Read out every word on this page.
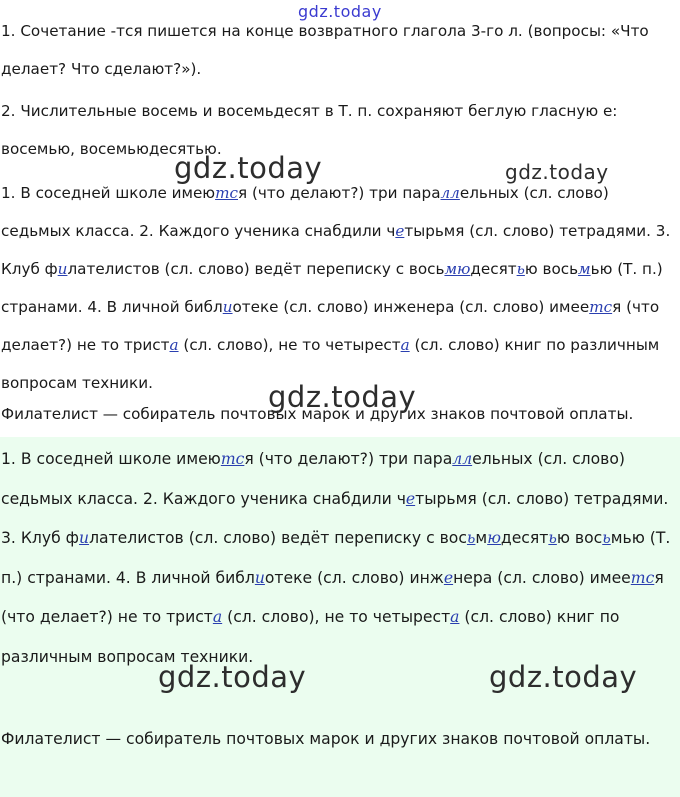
1. Сочетание -тся пишется на конце возвратного глагола 3-го л. (вопросы: «Что делает? Что сделают?»).

2. Числительные восемь и восемьдесят в Т. п. сохраняют беглую гласную е: восемью, восемьюдесятью.

1. В соседней школе имеются (что делают?) три параллельных (сл. слово) седьмых класса. 2. Каждого ученика снабдили четырьмя (сл. слово) тетрадями. 3. Клуб филателистов (сл. слово) ведёт переписку с восьмюдесятью восьмью (Т. п.) странами. 4. В личной библиотеке (сл. слово) инженера (сл. слово) имеется (что делает?) не то триста (сл. слово), не то четыреста (сл. слово) книг по различным вопросам техники.

Филателист — собиратель почтовых марок и других знаков почтовой оплаты.

1. В соседней школе имеются (что делают?) три параллельных (сл. слово) седьмых класса. 2. Каждого ученика снабдили четырьмя (сл. слово) тетрадями. 3. Клуб филателистов (сл. слово) ведёт переписку с восьмюдесятью восьмью (Т. п.) странами. 4. В личной библиотеке (сл. слово) инженера (сл. слово) имеется (что делает?) не то триста (сл. слово), не то четыреста (сл. слово) книг по различным вопросам техники.

Филателист — собиратель почтовых марок и других знаков почтовой оплаты.

gdz.today
gdz.today	gdz.today
gdz.today
gdz.today	gdz.today
